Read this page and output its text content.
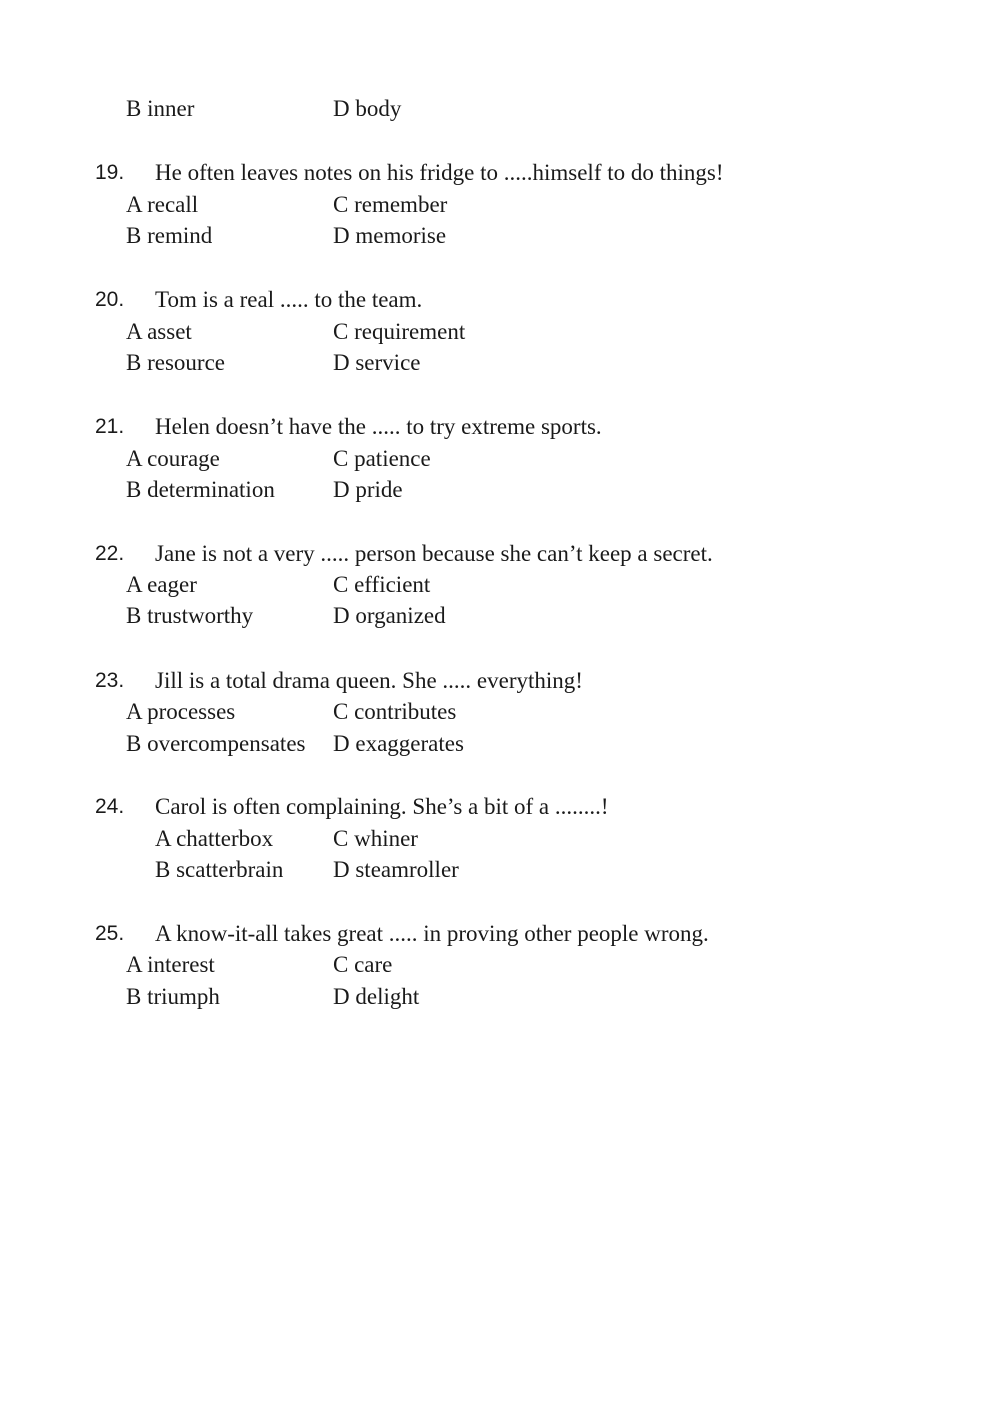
B inner	D body
19. He often leaves notes on his fridge to .....himself to do things!
A recall	C remember
B remind	D memorise
20. Tom is a real ..... to the team.
A asset	C requirement
B resource	D service
21. Helen doesn’t have the ..... to try extreme sports.
A courage	C patience
B determination	D pride
22. Jane is not a very ..... person because she can’t keep a secret.
A eager	C efficient
B trustworthy	D organized
23. Jill is a total drama queen. She ..... everything!
A processes	C contributes
B overcompensates D exaggerates
24. Carol is often complaining. She’s a bit of a ........!
A chatterbox	C whiner
B scatterbrain D steamroller
25. A know-it-all takes great ..... in proving other people wrong.
A interest	C care
B triumph	D delight
